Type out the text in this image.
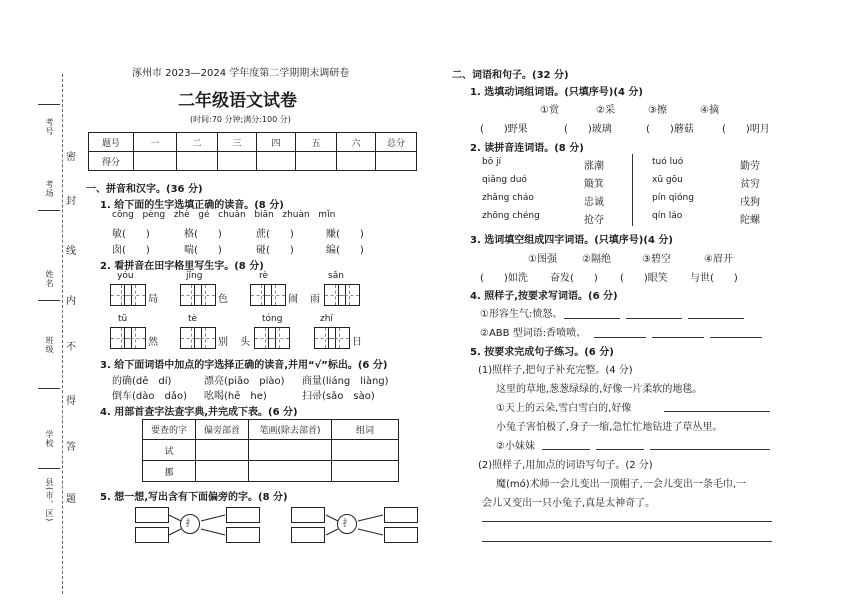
考号
考场
姓名
班级
学校
县(市、区)
密
封
线
内
不
得
答
题
涿州市 2023—2024 学年度第二学期期末调研卷
二年级语文试卷
(时间:70 分钟;满分:100 分)
题号	一	二	三	四	五	六	总分
得分							
一、拼音和汉字。(36 分)
1. 给下面的生字选填正确的读音。(8 分)
cōng pèng zhè gé chuǎn biān zhuàn mǐn
敏(　　)	格(　　)	蔗(　　)	赚(　　)
囱(　　)	喘(　　)	碰(　　)	编(　　)
2. 看拼音在田字格里写生字。(8 分)
yóu
局
jǐng
色
rè
闹
sǎn
雨
tū
然
tè
别
tóng
头
zhí
日
3. 给下面词语中加点的字选择正确的读音,并用“√”标出。(6 分)
的确(dē　dí)	漂亮(piāo　piào) 商量(liáng　liàng)
倒车(dào　dǎo) 吆喝(hē　he)	扫帚(sǎo　sào)
4. 用部首查字法查字典,并完成下表。(6 分)
要查的字	偏旁部首	笔画(除去部首)	组词
试			
挪			
5. 想一想,写出含有下面偏旁的字。(8 分)
扌	扌
二、词语和句子。(32 分)
1. 选填动词组词语。(只填序号)(4 分)
①赏	②采	③擦	④摘
(　　)野果	(　　)玻璃	(　　)蘑菇	(　　)明月
2. 读拼音连词语。(8 分)
bō jí
qiǎng duó
zhǎng cháo
zhōng chéng
涨潮
簸箕
忠诚
抢夺
tuó luó
xū gōu
pín qióng
qín láo
勤劳
贫穷
戌狗
陀螺
3. 选词填空组成四字词语。(只填序号)(4 分)
①图强	②隔绝	③碧空	④眉开
(　　)如洗 奋发(　　) (　　)眼笑 与世(　　)
4. 照样子,按要求写词语。(6 分)
①形容生气:愤怒、
②ABB 型词语:香喷喷、
5. 按要求完成句子练习。(6 分)
(1)照样子,把句子补充完整。(4 分)
这里的草地,葱葱绿绿的,好像一片柔软的地毯。
①天上的云朵,雪白雪白的,好像
小兔子害怕极了,身子一缩,急忙忙地钻进了草丛里。
②小妹妹
(2)照样子,用加点的词语写句子。(2 分)
魔(mó)术师一会儿变出一顶帽子,一会儿变出一条毛巾,一
会儿又变出一只小兔子,真是太神奇了。
